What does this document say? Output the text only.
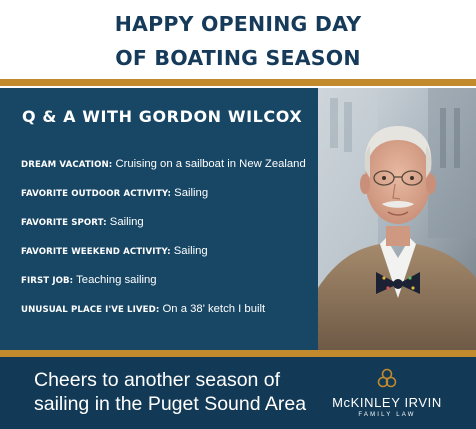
HAPPY OPENING DAY
OF BOATING SEASON
Q & A WITH GORDON WILCOX
DREAM VACATION: Cruising on a sailboat in New Zealand
FAVORITE OUTDOOR ACTIVITY: Sailing
FAVORITE SPORT: Sailing
FAVORITE WEEKEND ACTIVITY: Sailing
FIRST JOB: Teaching sailing
UNUSUAL PLACE I'VE LIVED: On a 38' ketch I built
Cheers to another season of
sailing in the Puget Sound Area	McKINLEY IRVIN
FAMILY LAW
